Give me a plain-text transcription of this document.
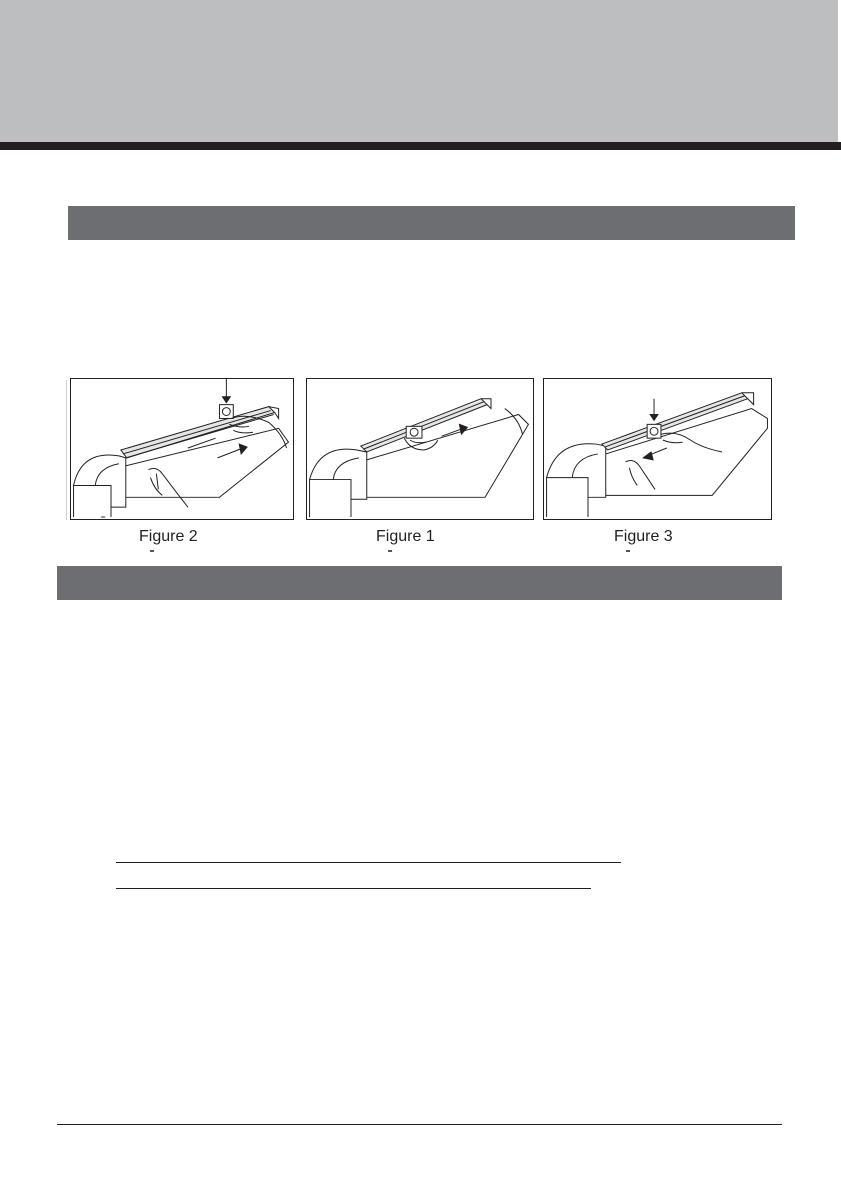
Figure 2	Figure 1	Figure 3
